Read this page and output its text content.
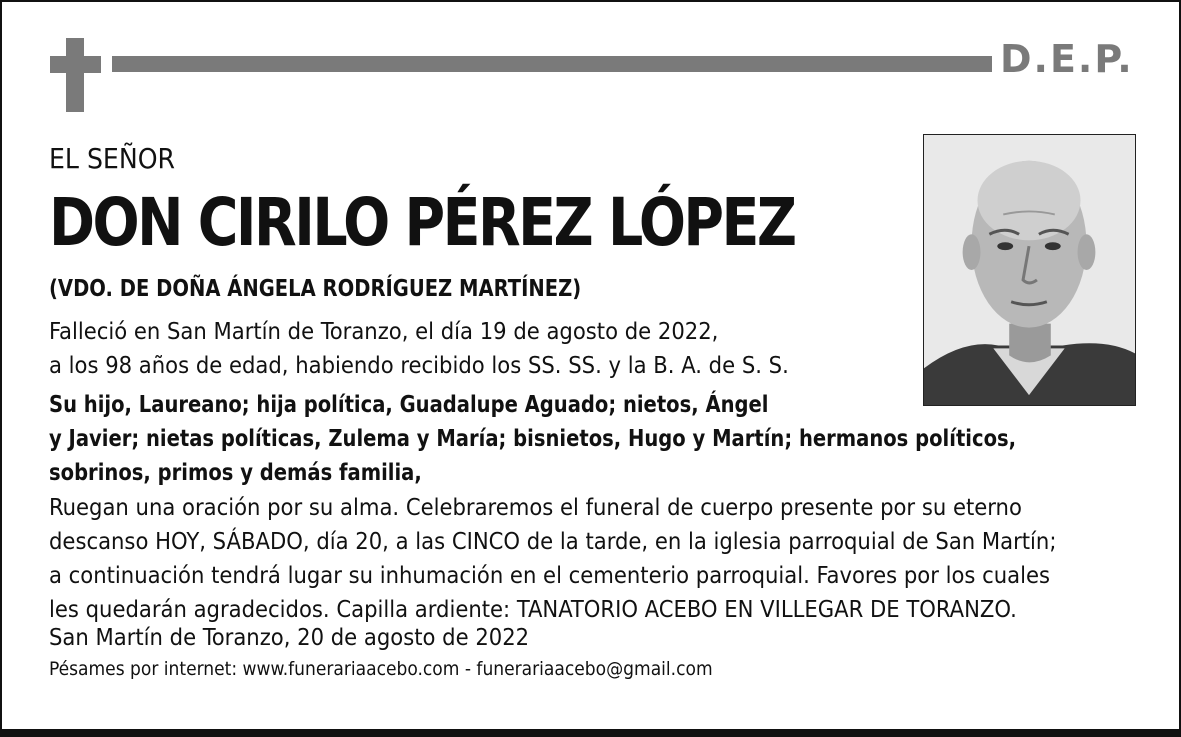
D.E.P.
EL SEÑOR
DON CIRILO PÉREZ LÓPEZ
(VDO. DE DOÑA ÁNGELA RODRÍGUEZ MARTÍNEZ)
Falleció en San Martín de Toranzo, el día 19 de agosto de 2022,
a los 98 años de edad, habiendo recibido los SS. SS. y la B. A. de S. S.
Su hijo, Laureano; hija política, Guadalupe Aguado; nietos, Ángel
y Javier; nietas políticas, Zulema y María; bisnietos, Hugo y Martín; hermanos políticos,
sobrinos, primos y demás familia,
Ruegan una oración por su alma. Celebraremos el funeral de cuerpo presente por su eterno
descanso HOY, SÁBADO, día 20, a las CINCO de la tarde, en la iglesia parroquial de San Martín;
a continuación tendrá lugar su inhumación en el cementerio parroquial. Favores por los cuales
les quedarán agradecidos. Capilla ardiente: TANATORIO ACEBO EN VILLEGAR DE TORANZO.
San Martín de Toranzo, 20 de agosto de 2022
Pésames por internet: www.funerariaacebo.com - funerariaacebo@gmail.com
